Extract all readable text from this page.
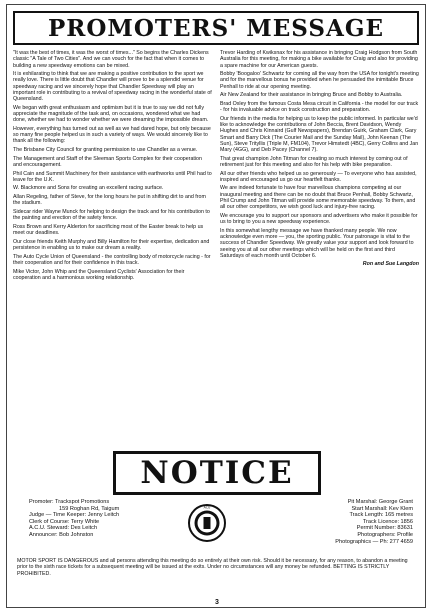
PROMOTERS' MESSAGE

"It was the best of times, it was the worst of times..." So begins the Charles Dickens classic "A Tale of Two Cities". And we can vouch for the fact that when it comes to building a new speedway emotions can be mixed.

It is exhilarating to think that we are making a positive contribution to the sport we really love. There is little doubt that Chandler will prove to be a splendid venue for speedway racing and we sincerely hope that Chandler Speedway will play an important role in contributing to a revival of speedway racing in the wonderful state of Queensland.

We began with great enthusiasm and optimism but it is true to say we did not fully appreciate the magnitude of the task and, on occasions, wondered what we had done, whether we had to wonder whether we were dreaming the impossible dream.

However, everything has turned out as well as we had dared hope, but only because so many fine people helped us in such a variety of ways. We would sincerely like to thank all the following:

The Brisbane City Council for granting permission to use Chandler as a venue.

The Management and Staff of the Sleeman Sports Complex for their cooperation and encouragement.

Phil Cain and Summit Machinery for their assistance with earthworks until Phil had to leave for the U.K.

W. Blackmore and Sons for creating an excellent racing surface.

Allan Regeling, father of Steve, for the long hours he put in shifting dirt to and from the stadium.

Sidecar rider Wayne Munck for helping to design the track and for his contribution to the painting and erection of the safety fence.

Ross Brown and Kerry Alderton for sacrificing most of the Easter break to help us meet our deadlines.

Our close friends Keith Murphy and Billy Hamilton for their expertise, dedication and persistence in enabling us to make our dream a reality.

The Auto Cycle Union of Queensland - the controlling body of motorcycle racing - for their cooperation and for their confidence in this track.

Mike Victor, John Whip and the Queensland Cyclists' Association for their cooperation and a harmonious working relationship.

Trevor Harding of Kwiksnax for his assistance in bringing Craig Hodgson from South Australia for this meeting, for making a bike available for Craig and also for providing a spare machine for our American guests.

Bobby 'Boogaloo' Schwartz for coming all the way from the USA for tonight's meeting and for the marvellous bonus he provided when he persuaded the inimitable Bruce Penhall to ride at our opening meeting.

Air New Zealand for their assistance in bringing Bruce and Bobby to Australia.

Brad Oxley from the famous Costa Mesa circuit in California - the model for our track - for his invaluable advice on track construction and preparation.

Our friends in the media for helping us to keep the public informed. In particular we'd like to acknowledge the contributions of John Beccia, Brent Davidson, Wendy Hughes and Chris Kinnaird (Gulf Newspapers), Brendan Guirk, Graham Clark, Gary Smart and Barry Dick (The Courier Mail and the Sunday Mail), John Keenan (The Sun), Steve Trityllis (Triple M, FM104), Trevor Himstedt (4BC), Gerry Collins and Jan Mary (4GG), and Deb Pacey (Channel 7).

That great champion John Titman for creating so much interest by coming out of retirement just for this meeting and also for his help with bike preparation.

All our other friends who helped us so generously — To everyone who has assisted, inspired and encouraged us go our heartfelt thanks.

We are indeed fortunate to have four marvellous champions competing at our inaugural meeting and there can be no doubt that Bruce Penhall, Bobby Schwartz, Phil Crump and John Titman will provide some memorable speedway. To them, and all our other competitors, we wish good luck and injury-free racing.

We encourage you to support our sponsors and advertisers who make it possible for us to bring to you a new speedway experience.

In this somewhat lengthy message we have thanked many people. We now acknowledge even more — you, the sporting public. Your patronage is vital to the success of Chandler Speedway. We greatly value your support and look forward to seeing you at all our other meetings which will be held on the first and third Saturdays of each month until October 6.

Ron and Sue Langdon
NOTICE
Promoter: Trackspot Promotions
159 Roghan Rd, Taigum
Judge — Time Keeper: Jenny Leitch
Clerk of Course: Terry White
A.C.U. Steward: Des Leitch
Announcer: Bob Johnston
ACU
Pit Marshal: George Grant
Start Marshall: Kev Klem
Track Length: 165 metres
Track Licence: 1856
Permit Number: 83631
Photographers: Profile
Photographics — Ph: 277 4659
MOTOR SPORT IS DANGEROUS and all persons attending this meeting do so entirely at their own risk. Should it be necessary, for any reason, to abandon a meeting prior to the sixth race tickets for a subsequent meeting will be issued at the exits. Under no circumstances will any money be refunded. BETTING IS STRICTLY PROHIBITED.
3
